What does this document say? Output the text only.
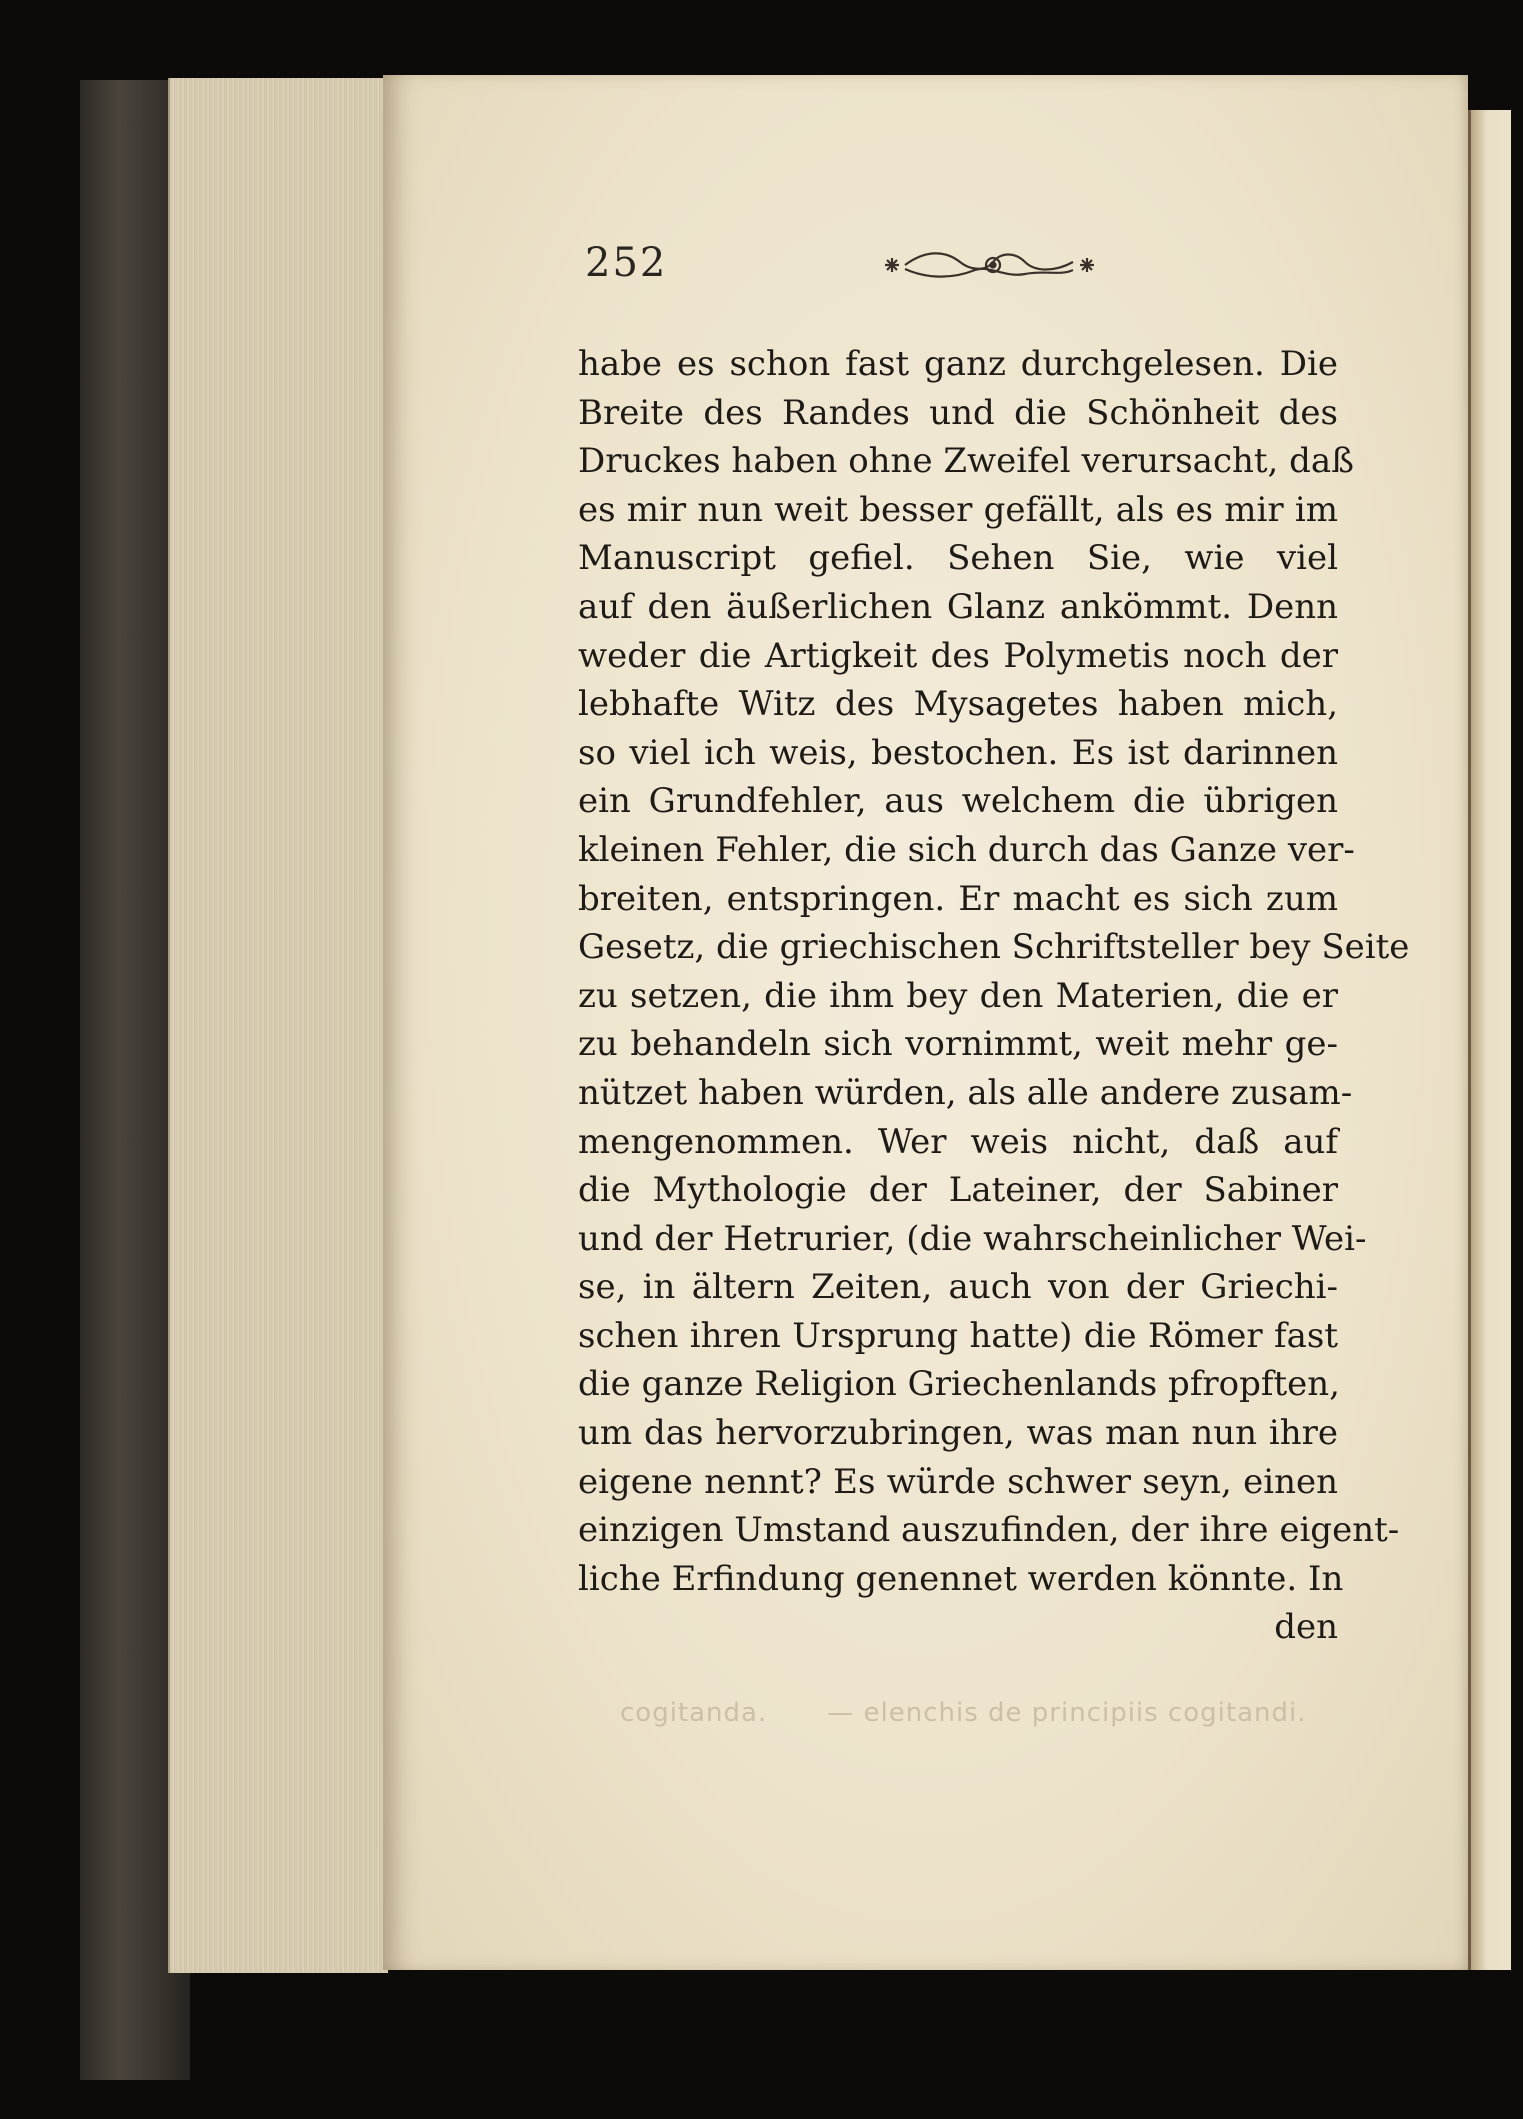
cogitanda. — elenchis de principiis cogitandi.
252
habe es schon fast ganz durchgelesen. Die
Breite des Randes und die Schönheit des
Druckes haben ohne Zweifel verursacht, daß
es mir nun weit besser gefällt, als es mir im
Manuscript gefiel. Sehen Sie, wie viel
auf den äußerlichen Glanz ankömmt. Denn
weder die Artigkeit des Polymetis noch der
lebhafte Witz des Mysagetes haben mich,
so viel ich weis, bestochen. Es ist darinnen
ein Grundfehler, aus welchem die übrigen
kleinen Fehler, die sich durch das Ganze ver-
breiten, entspringen. Er macht es sich zum
Gesetz, die griechischen Schriftsteller bey Seite
zu setzen, die ihm bey den Materien, die er
zu behandeln sich vornimmt, weit mehr ge-
nützet haben würden, als alle andere zusam-
mengenommen. Wer weis nicht, daß auf
die Mythologie der Lateiner, der Sabiner
und der Hetrurier, (die wahrscheinlicher Wei-
se, in ältern Zeiten, auch von der Griechi-
schen ihren Ursprung hatte) die Römer fast
die ganze Religion Griechenlands pfropften,
um das hervorzubringen, was man nun ihre
eigene nennt? Es würde schwer seyn, einen
einzigen Umstand auszufinden, der ihre eigent-
liche Erfindung genennet werden könnte. In
den
